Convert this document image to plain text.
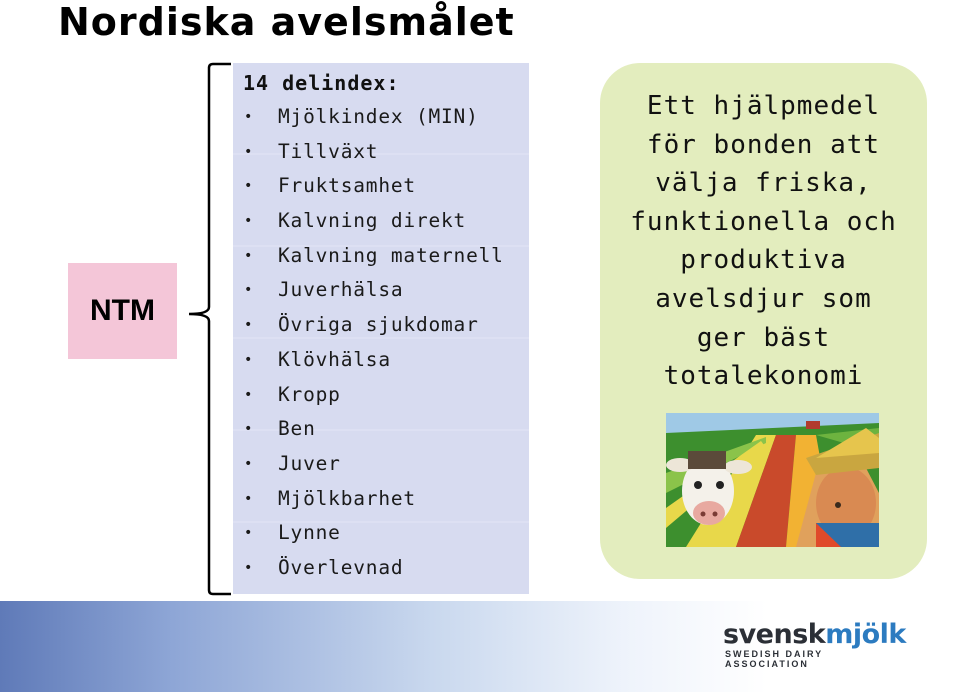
Nordiska avelsmålet
NTM
14 delindex:
• Mjölkindex (MIN)
• Tillväxt
• Fruktsamhet
• Kalvning direkt
• Kalvning maternell
• Juverhälsa
• Övriga sjukdomar
• Klövhälsa
• Kropp
• Ben
• Juver
• Mjölkbarhet
• Lynne
• Överlevnad
Ett hjälpmedel
för bonden att
välja friska,
funktionella och
produktiva
avelsdjur som
ger bäst
totalekonomi
svenskmjölk
SWEDISH DAIRY ASSOCIATION
